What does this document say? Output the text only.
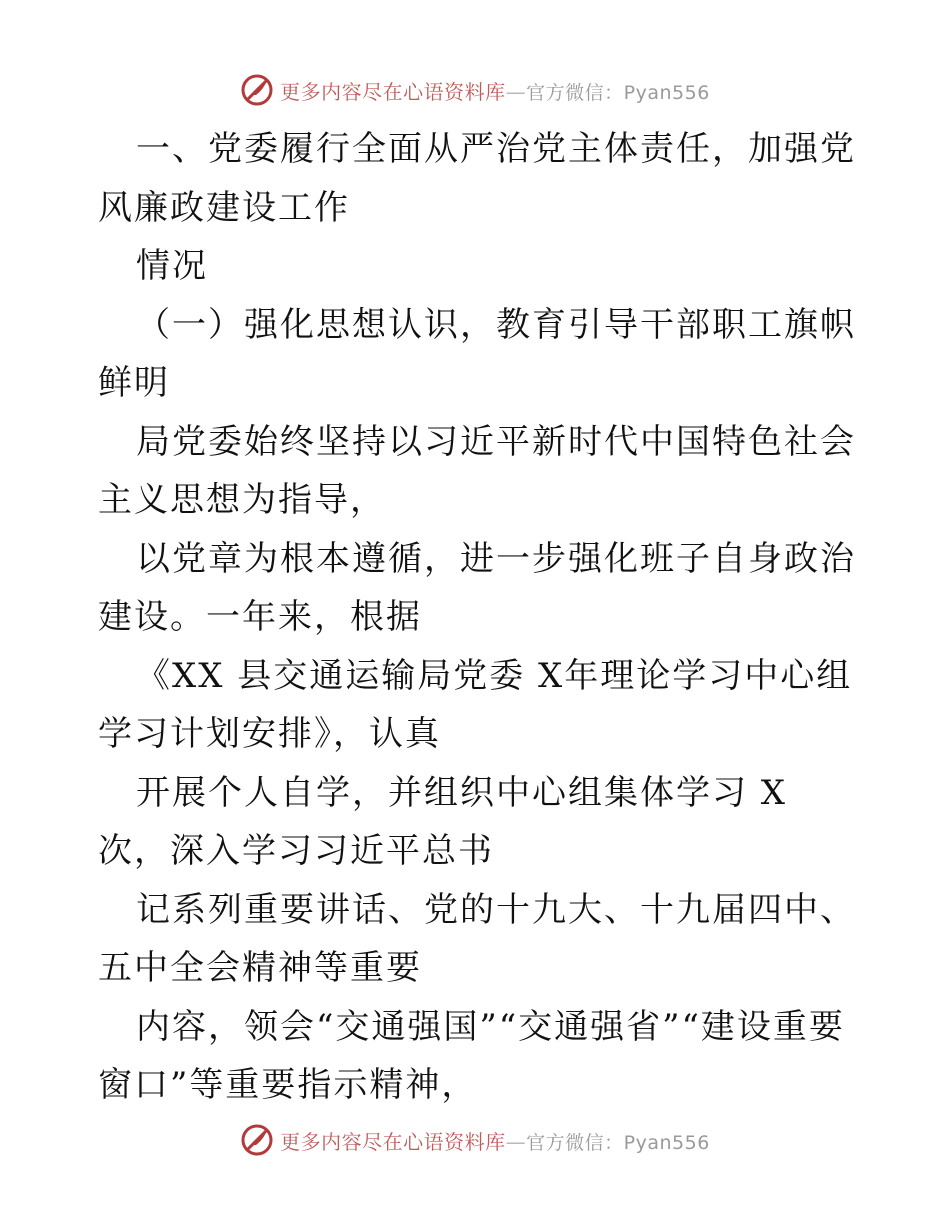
更多内容尽在心语资料库—官方微信：Pyan556

一、党委履行全面从严治党主体责任，加强党风廉政建设工作

情况

（一）强化思想认识，教育引导干部职工旗帜鲜明

局党委始终坚持以习近平新时代中国特色社会主义思想为指导，

以党章为根本遵循，进一步强化班子自身政治建设。一年来，根据

《XX 县交通运输局党委 X年理论学习中心组学习计划安排》，认真

开展个人自学，并组织中心组集体学习 X次，深入学习习近平总书

记系列重要讲话、党的十九大、十九届四中、五中全会精神等重要

内容，领会“交通强国”“交通强省”“建设重要窗口”等重要指示精神，

更多内容尽在心语资料库—官方微信：Pyan556
